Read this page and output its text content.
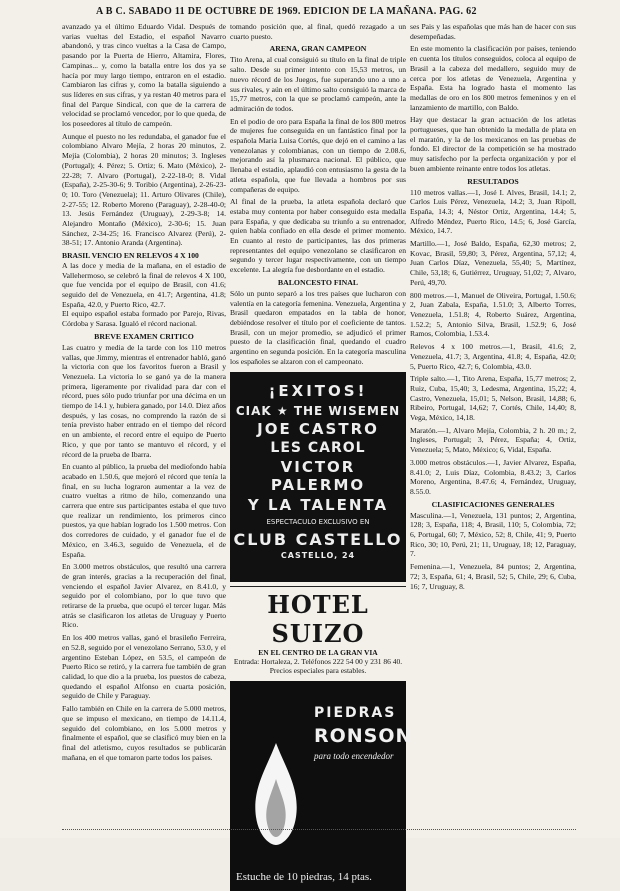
A B C. SABADO 11 DE OCTUBRE DE 1969. EDICION DE LA MAÑANA. PAG. 62

avanzado ya el último Eduardo Vidal. Después de varias vueltas del Estadio, el español Navarro abandonó, y tras cinco vueltas a la Casa de Campo, pasando por la Puerta de Hierro, Altamira, Flores, Campinas... y, como la batalla entre los dos ya se hacía por muy largo tiempo, entraron en el estadio. Cambiaron las cifras y, como la batalla siguiendo a sus líderes en sus cifras, y ya restan 40 metros para el final del Parque Sindical, con que de la carrera de velocidad se proclamó vencedor, por lo que queda, de los poseedores al título de campeón.

Aunque el puesto no les redundaba, el ganador fue el colombiano Alvaro Mejía, 2 horas 20 minutos, 2. Mejía (Colombia), 2 horas 20 minutos; 3. Ingleses (Portugal); 4. Pérez; 5. Ortiz; 6. Mato (México), 2-22-28; 7. Alvaro (Portugal), 2-22-18-0; 8. Vidal (España), 2-25-30-6; 9. Toribio (Argentina), 2-26-23-0; 10. Toro (Venezuela); 11. Arturo Olivares (Chile), 2-27-55; 12. Roberto Moreno (Paraguay), 2-28-40-0; 13. Jesús Fernández (Uruguay), 2-29-3-8; 14. Alejandro Montaño (México), 2-30-6; 15. Juan Sánchez, 2-34-25; 16. Francisco Alvarez (Perú), 2-38-51; 17. Antonio Aranda (Argentina).

BRASIL VENCIO EN RELEVOS 4 X 100

A las doce y media de la mañana, en el estadio de Vallehermoso, se celebró la final de relevos 4 X 100, que fue vencida por el equipo de Brasil, con 41.6; seguido del de Venezuela, en 41.7; Argentina, 41.8; España, 42.0, y Puerto Rico, 42.7.

El equipo español estaba formado por Parejo, Rivas, Córdoba y Sarasa. Igualó el récord nacional.

BREVE EXAMEN CRITICO

Las cuatro y media de la tarde con los 110 metros vallas, que Jimmy, mientras el entrenador habló, ganó la victoria con que los favoritos fueron a Brasil y Venezuela. La victoria lo se ganó ya de la manera primera, ligeramente por rivalidad para dar con el récord, pues sólo pudo triunfar por una décima en un tiempo de 14.1 y, hubiera ganado, por 14.0. Diez años después, y las cosas, no comprendo la razón de si tenía previsto haber entrado en el tiempo del récord en un ambiente, el record entre el equipo de Puerto Rico, y que por tanto se mantuvo el récord, y el récord de la prueba de Ibarra.

En cuanto al público, la prueba del mediofondo había acabado en 1.50.6, que mejoró el récord que tenía la final, en su lucha lograron aumentar a la vez de cuatro vueltas a ritmo de hilo, comenzando una carrera que entre sus participantes estaba el que tuvo que realizar un rendimiento, los primeros cinco puestos, ya que habían logrado los 1.500 metros. Con dos corredores de cuidado, y el ganador fue el de México, en 3.46.3, seguido de Venezuela, el de España.

En 3.000 metros obstáculos, que resultó una carrera de gran interés, gracias a la recuperación del final, venciendo el español Javier Alvarez, en 8.41.0, y seguido por el colombiano, por lo que tuvo que retirarse de la prueba, que ocupó el tercer lugar. Más atrás se clasificaron los atletas de Uruguay y Puerto Rico.

En los 400 metros vallas, ganó el brasileño Ferreira, en 52.8, seguido por el venezolano Serrano, 53.0, y el argentino Esteban López, en 53.5, el campeón de Puerto Rico se retiró, y la carrera fue también de gran calidad, lo que dio a la prueba, los puestos de cabeza, quedando el español Alfonso en cuarta posición, seguido de Chile y Paraguay.

Fallo también en Chile en la carrera de 5.000 metros, que se impuso el mexicano, en tiempo de 14.11.4, seguido del colombiano, en los 5.000 metros y finalmente el español, que se clasificó muy bien en la final del atletismo, cuyos resultados se publicarán mañana, en el que tomaron parte todos los países.

tomando posición que, al final, quedó rezagado a un cuarto puesto.

ARENA, GRAN CAMPEON

Tito Arena, al cual consiguió su título en la final de triple salto. Desde su primer intento con 15,53 metros, un nuevo récord de los Juegos, fue superando uno a uno a sus rivales, y aún en el último salto consiguió la marca de 15,77 metros, con la que se proclamó campeón, ante la admiración de todos.

En el podio de oro para España la final de los 800 metros de mujeres fue conseguida en un fantástico final por la española Maria Luisa Cortés, que dejó en el camino a las venezolanas y colombianas, con un tiempo de 2.08.6, mejorando así la plusmarca nacional. El público, que llenaba el estadio, aplaudió con entusiasmo la gesta de la atleta española, que fue llevada a hombros por sus compañeras de equipo.

Al final de la prueba, la atleta española declaró que estaba muy contenta por haber conseguido esta medalla para España, y que dedicaba su triunfo a su entrenador, quien había confiado en ella desde el primer momento. En cuanto al resto de participantes, las dos primeras representantes del equipo venezolano se clasificaron en segundo y tercer lugar respectivamente, con un tiempo excelente. La alegría fue desbordante en el estadio.

BALONCESTO FINAL

Sólo un punto separó a los tres países que lucharon con valentía en la categoría femenina. Venezuela, Argentina y Brasil quedaron empatados en la tabla de honor, debiéndose resolver el título por el coeficiente de tantos. Brasil, con un mejor promedio, se adjudicó el primer puesto de la clasificación final, quedando el cuadro argentino en segunda posición. En la categoría masculina los españoles se alzaron con el campeonato.

¡EXITOS!
CIAK ★ THE WISEMEN
JOE CASTRO
LES CAROL
VICTOR PALERMO
Y LA TALENTA
ESPECTACULO EXCLUSIVO EN
CLUB CASTELLO
CASTELLO, 24
HOTEL SUIZO
EN EL CENTRO DE LA GRAN VIA
Entrada: Hortaleza, 2. Teléfonos 222 54 00 y 231 86 40. Precios especiales para estables.
PIEDRAS
RONSON
para todo encendedor
Estuche de 10 piedras, 14 ptas.

ses Pais y las españolas que más han de hacer con sus desempeñadas.

En este momento la clasificación por países, teniendo en cuenta los títulos conseguidos, coloca al equipo de Brasil a la cabeza del medallero, seguido muy de cerca por los atletas de Venezuela, Argentina y España. Esta ha logrado hasta el momento las medallas de oro en los 800 metros femeninos y en el lanzamiento de martillo, con Baldo.

Hay que destacar la gran actuación de los atletas portugueses, que han obtenido la medalla de plata en el maratón, y la de los mexicanos en las pruebas de fondo. El director de la competición se ha mostrado muy satisfecho por la perfecta organización y por el buen ambiente reinante entre todos los atletas.

RESULTADOS

110 metros vallas.—1, José I. Alves, Brasil, 14.1; 2, Carlos Luis Pérez, Venezuela, 14.2; 3, Juan Ripoll, España, 14.3; 4, Néstor Ortiz, Argentina, 14.4; 5, Alfredo Méndez, Puerto Rico, 14.5; 6, José García, México, 14.7.

Martillo.—1, José Baldo, España, 62,30 metros; 2, Kovac, Brasil, 59,80; 3, Pérez, Argentina, 57,12; 4, Juan Carlos Díaz, Venezuela, 55,40; 5, Martínez, Chile, 53,18; 6, Gutiérrez, Uruguay, 51,02; 7, Alvaro, Perú, 49,70.

800 metros.—1, Manuel de Oliveira, Portugal, 1.50.6; 2, Juan Zabala, España, 1.51.0; 3, Alberto Torres, Venezuela, 1.51.8; 4, Roberto Suárez, Argentina, 1.52.2; 5, Antonio Silva, Brasil, 1.52.9; 6, José Ramos, Colombia, 1.53.4.

Relevos 4 x 100 metros.—1, Brasil, 41.6; 2, Venezuela, 41.7; 3, Argentina, 41.8; 4, España, 42.0; 5, Puerto Rico, 42.7; 6, Colombia, 43.0.

Triple salto.—1, Tito Arena, España, 15,77 metros; 2, Ruiz, Cuba, 15,40; 3, Ledesma, Argentina, 15,22; 4, Castro, Venezuela, 15,01; 5, Nelson, Brasil, 14,88; 6, Ribeiro, Portugal, 14,62; 7, Cortés, Chile, 14,40; 8, Vega, México, 14,18.

Maratón.—1, Alvaro Mejía, Colombia, 2 h. 20 m.; 2, Ingleses, Portugal; 3, Pérez, España; 4, Ortiz, Venezuela; 5, Mato, México; 6, Vidal, España.

3.000 metros obstáculos.—1, Javier Alvarez, España, 8.41.0; 2, Luis Díaz, Colombia, 8.43.2; 3, Carlos Moreno, Argentina, 8.47.6; 4, Fernández, Uruguay, 8.55.0.

CLASIFICACIONES GENERALES

Masculina.—1, Venezuela, 131 puntos; 2, Argentina, 128; 3, España, 118; 4, Brasil, 110; 5, Colombia, 72; 6, Portugal, 60; 7, México, 52; 8, Chile, 41; 9, Puerto Rico, 30; 10, Perú, 21; 11, Uruguay, 18; 12, Paraguay, 7.

Femenina.—1, Venezuela, 84 puntos; 2, Argentina, 72; 3, España, 61; 4, Brasil, 52; 5, Chile, 29; 6, Cuba, 16; 7, Uruguay, 8.
